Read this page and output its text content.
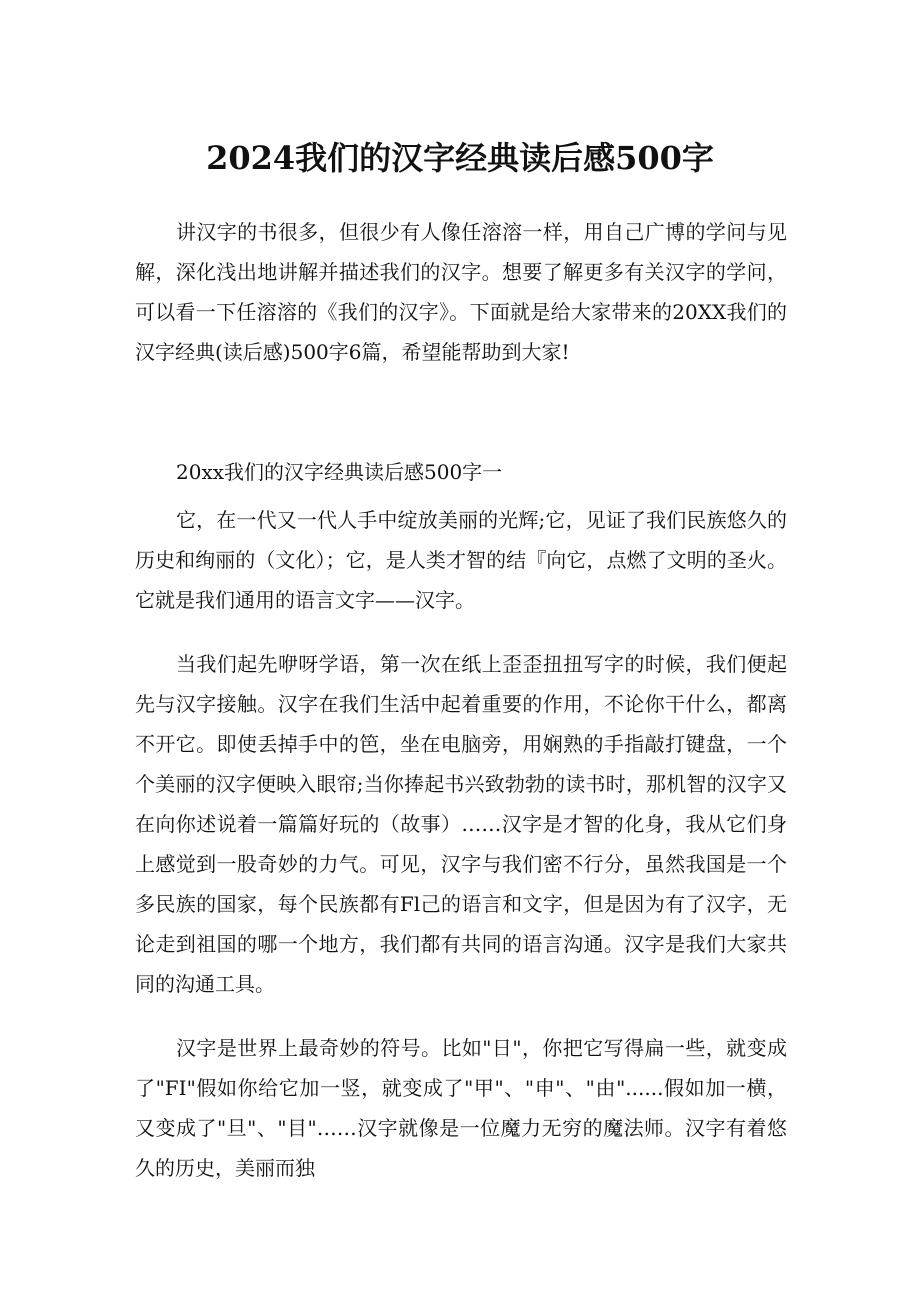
2024我们的汉字经典读后感500字

讲汉字的书很多，但很少有人像任溶溶一样，用自己广博的学问与见解，深化浅出地讲解并描述我们的汉字。想要了解更多有关汉字的学问，可以看一下任溶溶的《我们的汉字》。下面就是给大家带来的20XX我们的汉字经典(读后感)500字6篇，希望能帮助到大家!

20xx我们的汉字经典读后感500字一

它，在一代又一代人手中绽放美丽的光辉;它，见证了我们民族悠久的历史和绚丽的（文化）；它，是人类才智的结『向它，点燃了文明的圣火。它就是我们通用的语言文字——汉字。

当我们起先咿呀学语，第一次在纸上歪歪扭扭写字的时候，我们便起先与汉字接触。汉字在我们生活中起着重要的作用，不论你干什么，都离不开它。即使丢掉手中的笆，坐在电脑旁，用娴熟的手指敲打键盘，一个个美丽的汉字便映入眼帘;当你捧起书兴致勃勃的读书时，那机智的汉字又在向你述说着一篇篇好玩的（故事）……汉字是才智的化身，我从它们身上感觉到一股奇妙的力气。可见，汉字与我们密不行分，虽然我国是一个多民族的国家，每个民族都有Fl己的语言和文字，但是因为有了汉字，无论走到祖国的哪一个地方，我们都有共同的语言沟通。汉字是我们大家共同的沟通工具。

汉字是世界上最奇妙的符号。比如"日"，你把它写得扁一些，就变成了"FI"假如你给它加一竖，就变成了"甲"、"申"、"由"......假如加一横，又变成了"旦"、"目"……汉字就像是一位魔力无穷的魔法师。汉字有着悠久的历史，美丽而独
